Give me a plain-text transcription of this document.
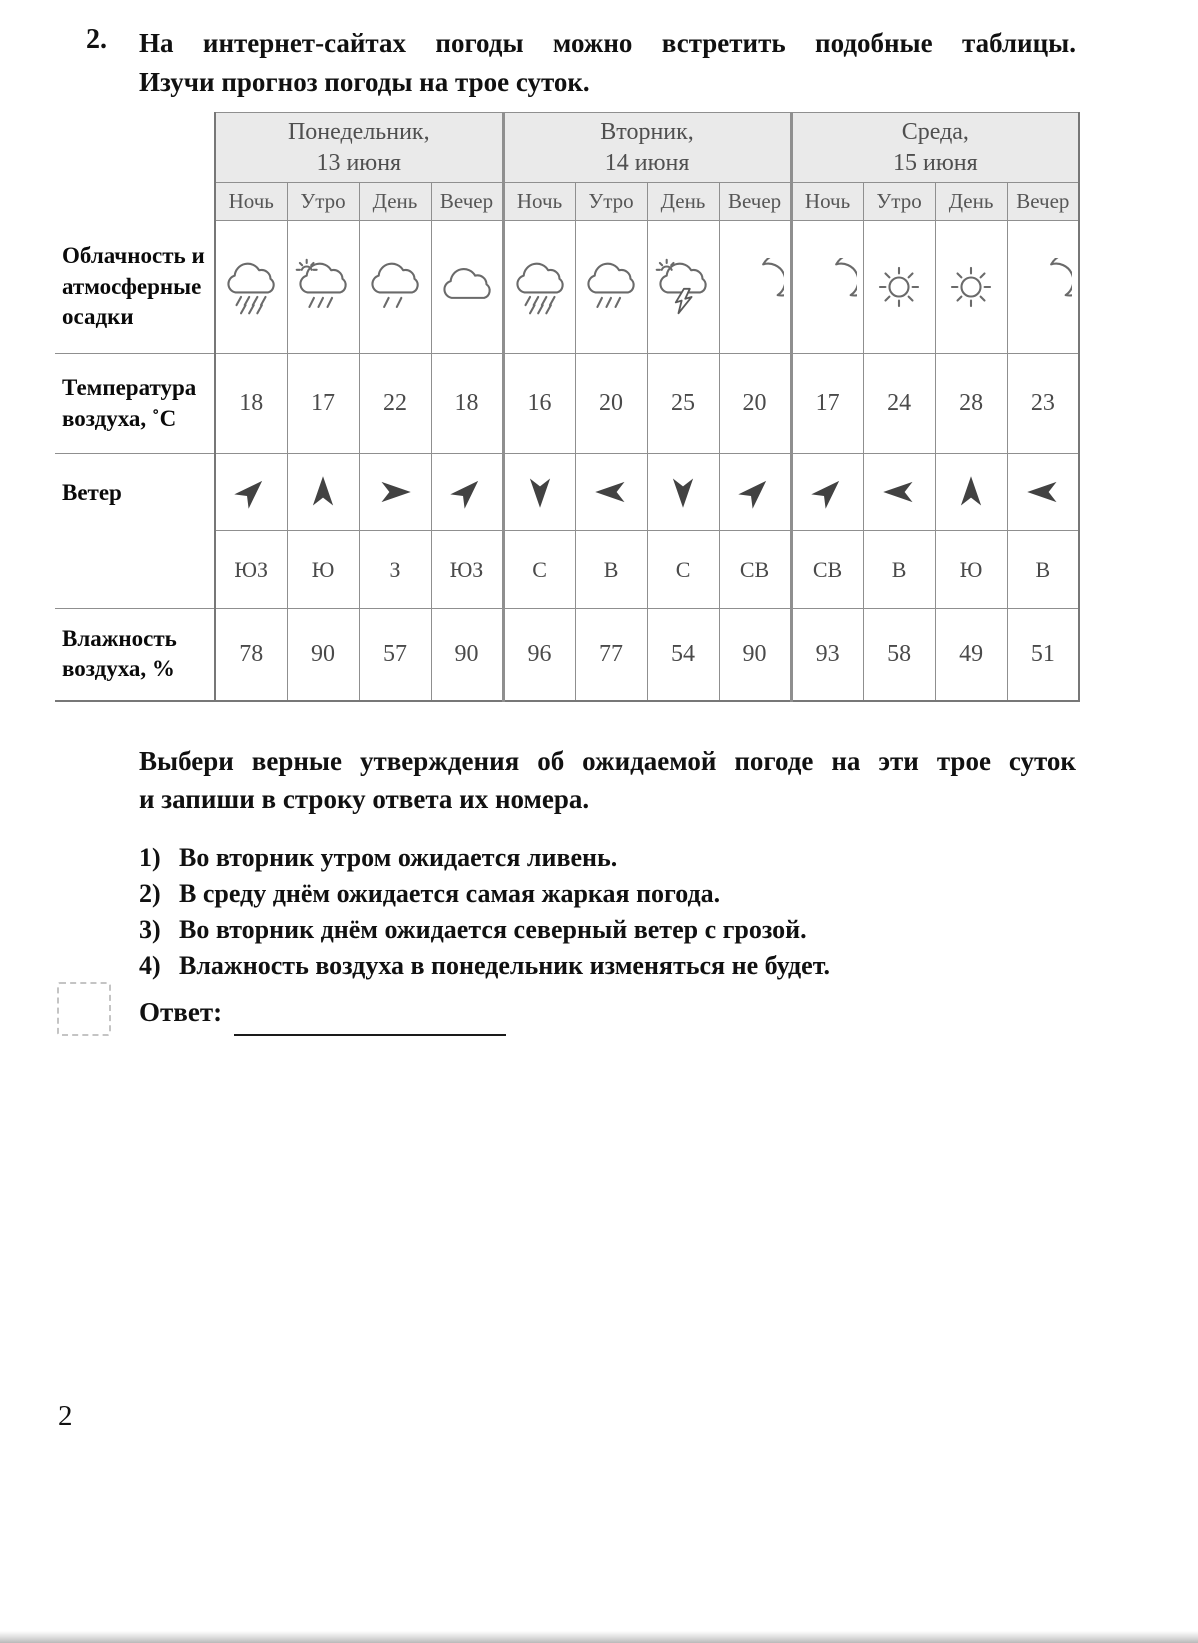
2. На интернет-сайтах погоды можно встретить подобные таблицы.
Изучи прогноз погоды на трое суток.

Понедельник,
13 июня

Вторник,
14 июня

Среда,
15 июня

	Ночь	Утро	День	Вечер	Ночь	Утро	День	Вечер	Ночь	Утро	День	Вечер
Облачность и атмосферные осадки												
Температура воздуха, ˚С	18	17	22	18	16	20	25	20	17	24	28	23
Ветер												
	ЮЗ	Ю	З	ЮЗ	С	В	С	СВ	СВ	В	Ю	В
Влажность воздуха, %	78	90	57	90	96	77	54	90	93	58	49	51
Выбери верные утверждения об ожидаемой погоде на эти трое суток
и запиши в строку ответа их номера.
1) Во вторник утром ожидается ливень.
2) В среду днём ожидается самая жаркая погода.
3) Во вторник днём ожидается северный ветер с грозой.
4) Влажность воздуха в понедельник изменяться не будет.
Ответ:
2
